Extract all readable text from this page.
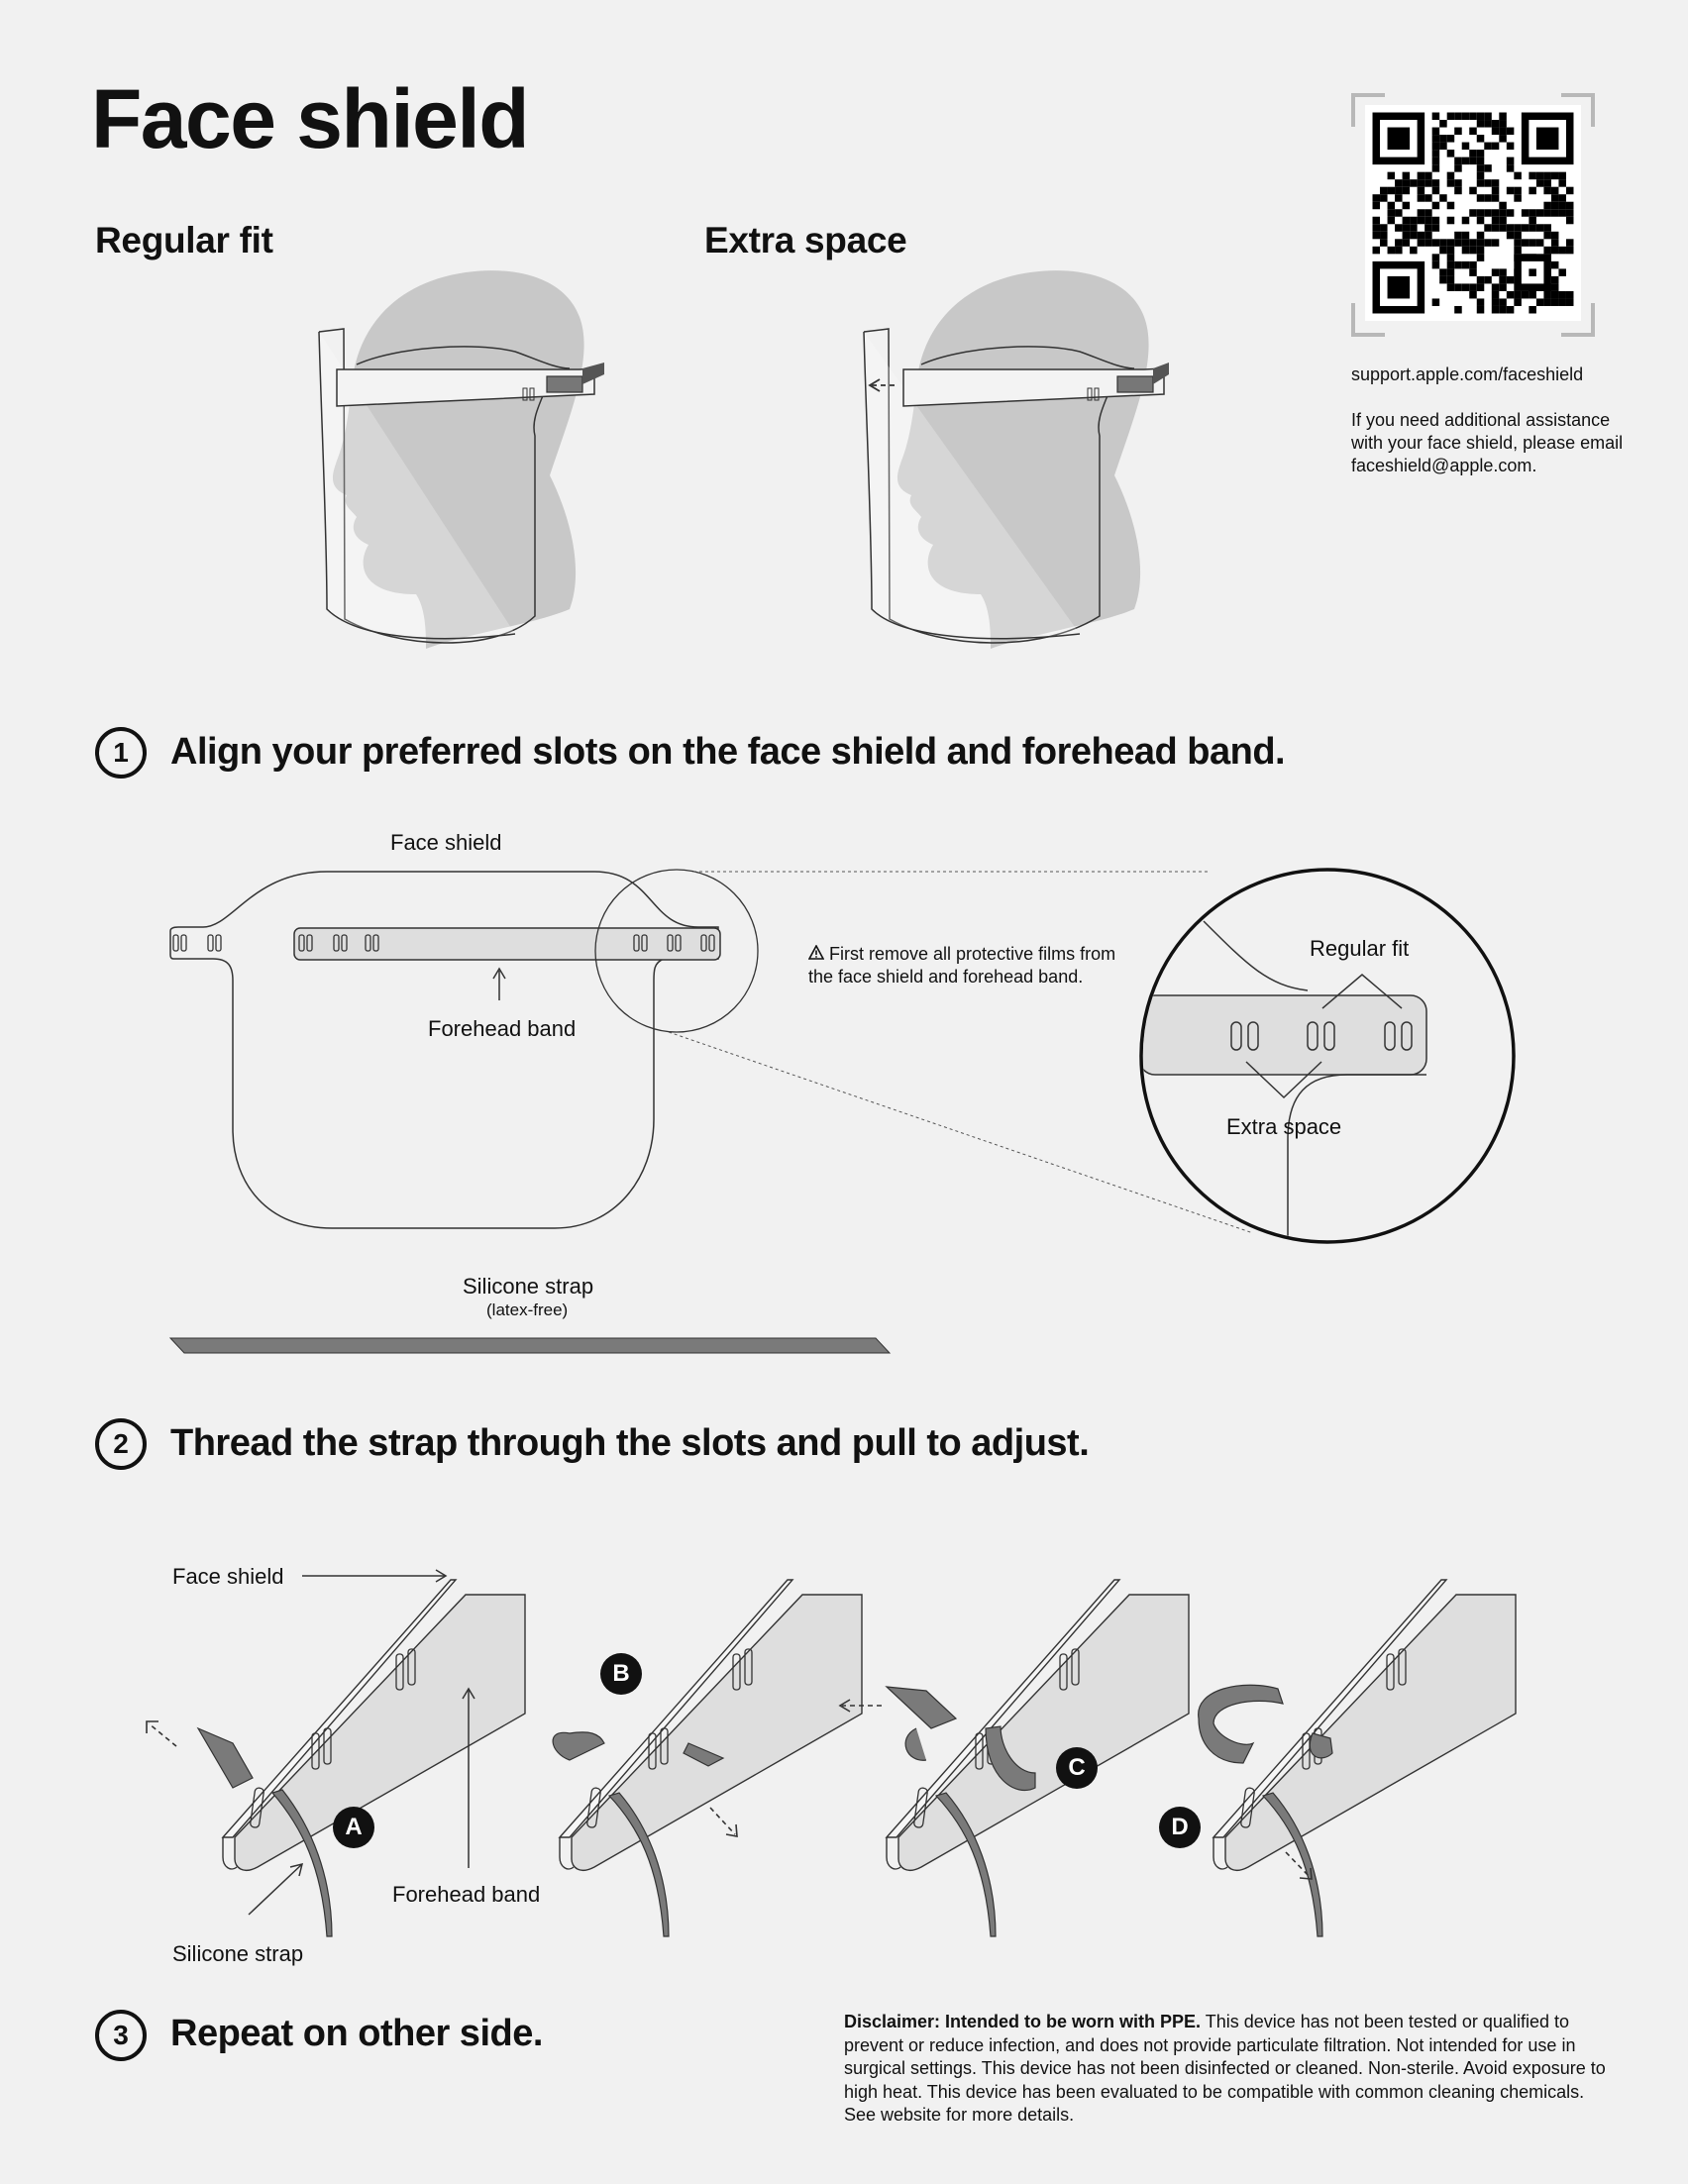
Face shield
Regular fit	Extra space
support.apple.com/faceshield
If you need additional assistance with your face shield, please email faceshield@apple.com.
1	Align your preferred slots on the face shield and forehead band.
Face shield
Forehead band
First remove all protective films from the face shield and forehead band.
Regular fit
Extra space
Silicone strap
(latex-free)
2	Thread the strap through the slots and pull to adjust.
Face shield
Forehead band
Silicone strap
A
B
C
D
3	Repeat on other side.	Disclaimer: Intended to be worn with PPE. This device has not been tested or qualified to prevent or reduce infection, and does not provide particulate filtration. Not intended for use in surgical settings. This device has not been disinfected or cleaned. Non-sterile. Avoid exposure to high heat. This device has been evaluated to be compatible with common cleaning chemicals. See website for more details.
